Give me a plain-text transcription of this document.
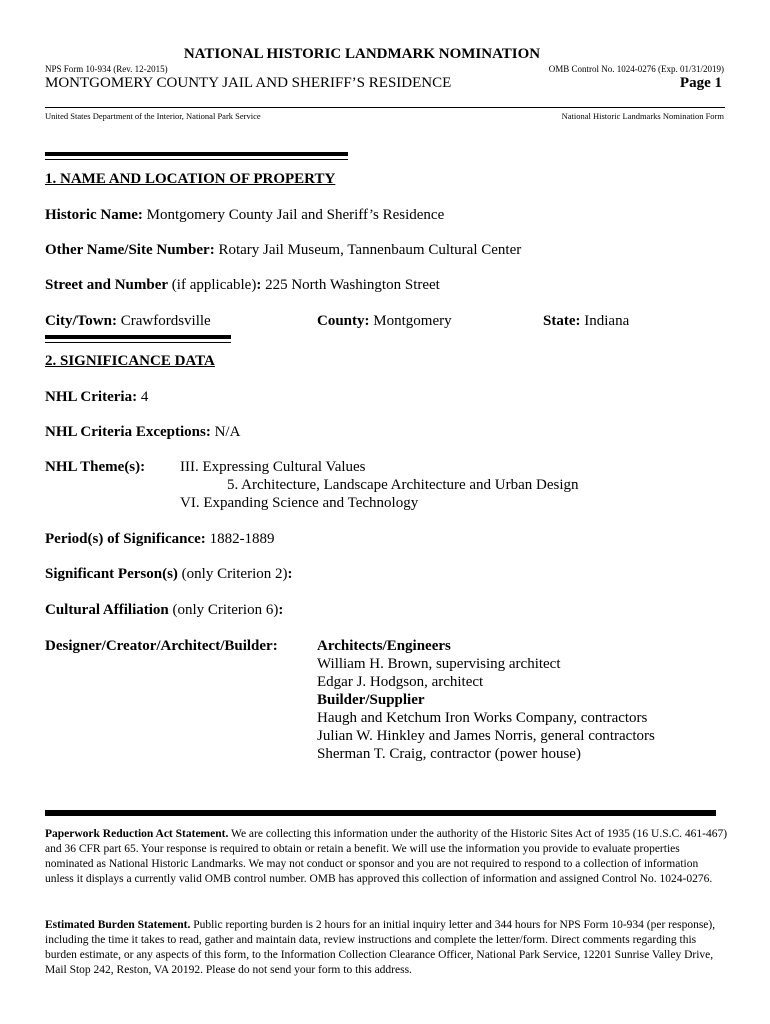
NATIONAL HISTORIC LANDMARK NOMINATION
NPS Form 10-934 (Rev. 12-2015)	OMB Control No. 1024-0276 (Exp. 01/31/2019)
MONTGOMERY COUNTY JAIL AND SHERIFF’S RESIDENCE	Page 1
United States Department of the Interior, National Park Service	National Historic Landmarks Nomination Form
1. NAME AND LOCATION OF PROPERTY
Historic Name: Montgomery County Jail and Sheriff’s Residence
Other Name/Site Number: Rotary Jail Museum, Tannenbaum Cultural Center
Street and Number (if applicable): 225 North Washington Street
City/Town: Crawfordsville	County: Montgomery	State: Indiana
2. SIGNIFICANCE DATA
NHL Criteria: 4
NHL Criteria Exceptions: N/A
NHL Theme(s): III. Expressing Cultural Values
5. Architecture, Landscape Architecture and Urban Design
VI. Expanding Science and Technology
Period(s) of Significance: 1882-1889
Significant Person(s) (only Criterion 2):
Cultural Affiliation (only Criterion 6):
Designer/Creator/Architect/Builder:	Architects/Engineers
William H. Brown, supervising architect
Edgar J. Hodgson, architect
Builder/Supplier
Haugh and Ketchum Iron Works Company, contractors
Julian W. Hinkley and James Norris, general contractors
Sherman T. Craig, contractor (power house)
Paperwork Reduction Act Statement. We are collecting this information under the authority of the Historic Sites Act of 1935 (16 U.S.C. 461-467) and 36 CFR part 65. Your response is required to obtain or retain a benefit. We will use the information you provide to evaluate properties nominated as National Historic Landmarks. We may not conduct or sponsor and you are not required to respond to a collection of information unless it displays a currently valid OMB control number. OMB has approved this collection of information and assigned Control No. 1024-0276.
Estimated Burden Statement. Public reporting burden is 2 hours for an initial inquiry letter and 344 hours for NPS Form 10-934 (per response), including the time it takes to read, gather and maintain data, review instructions and complete the letter/form. Direct comments regarding this burden estimate, or any aspects of this form, to the Information Collection Clearance Officer, National Park Service, 12201 Sunrise Valley Drive, Mail Stop 242, Reston, VA 20192. Please do not send your form to this address.
